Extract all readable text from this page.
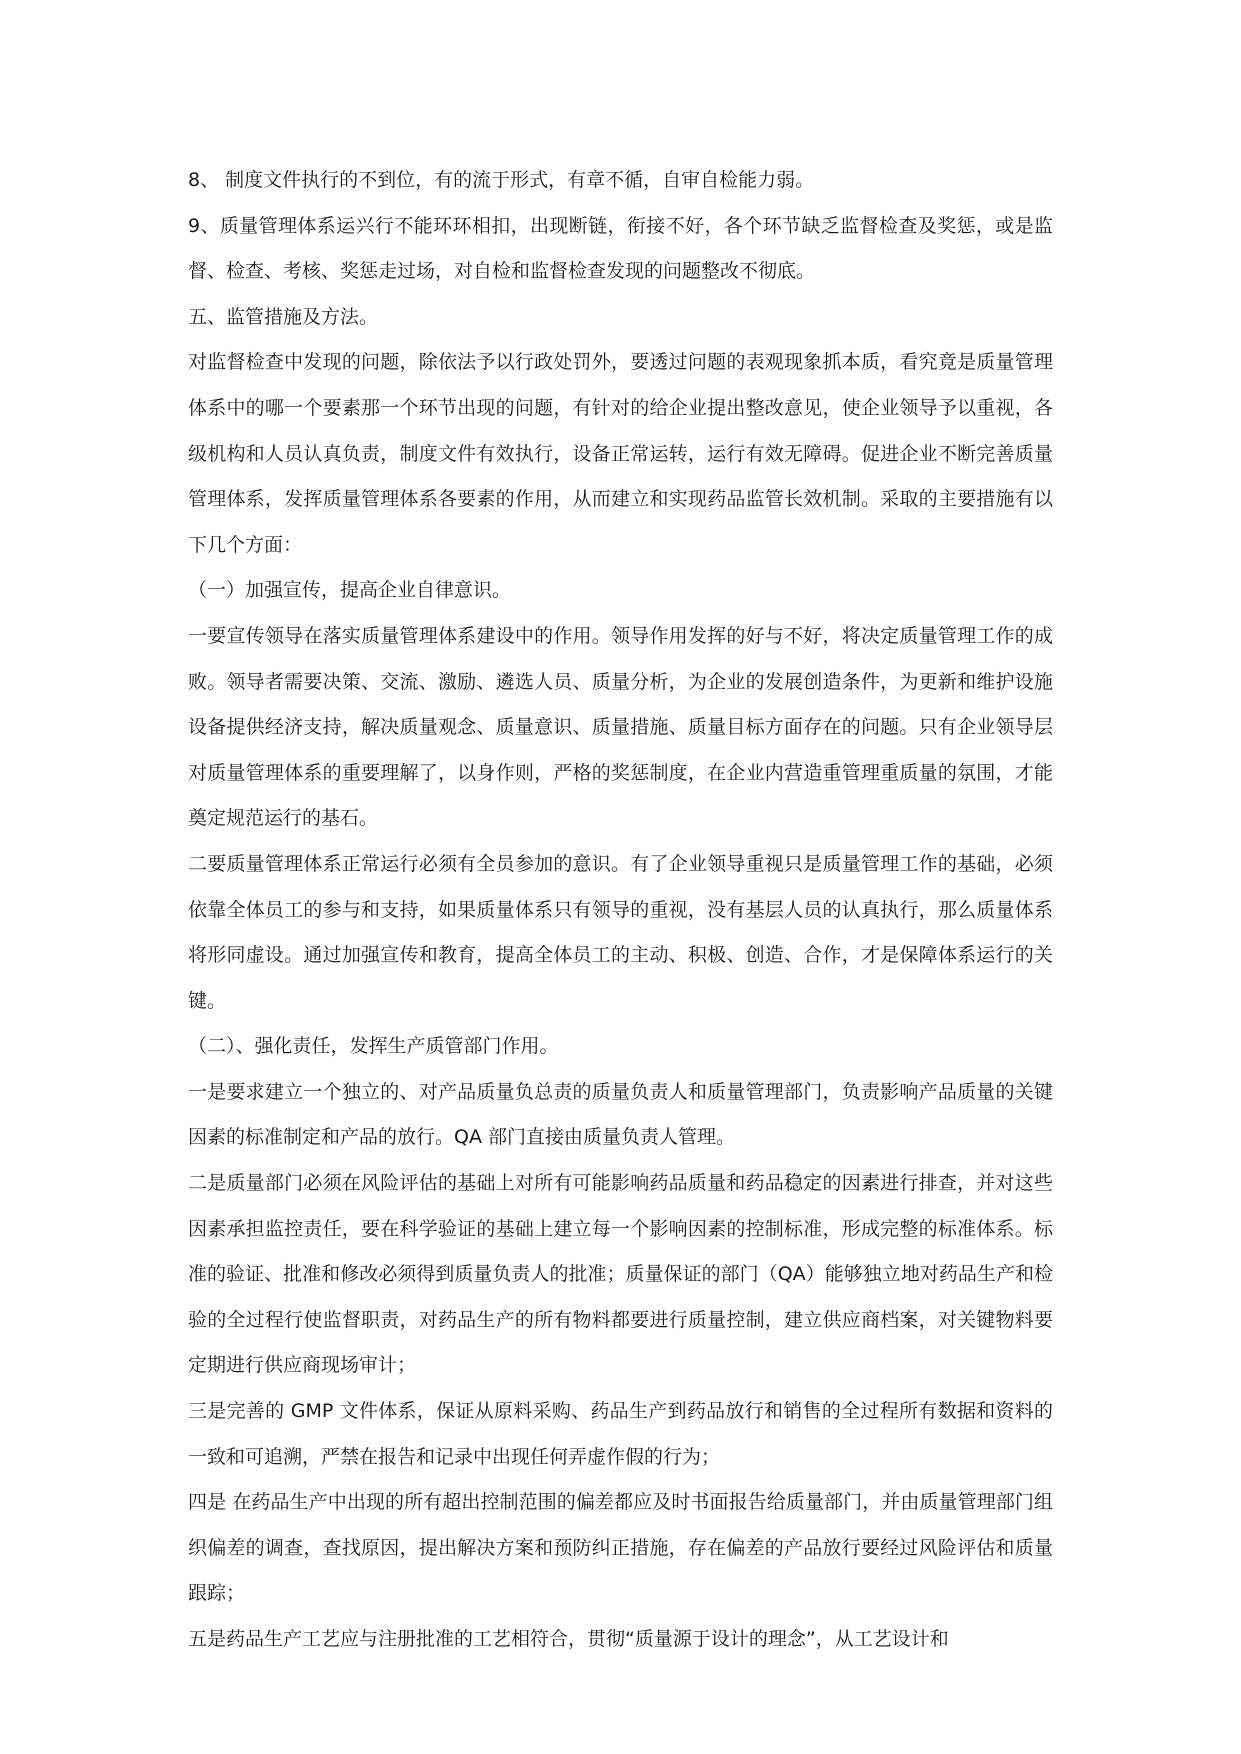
8、 制度文件执行的不到位，有的流于形式，有章不循，自审自检能力弱。

9、质量管理体系运兴行不能环环相扣，出现断链，衔接不好，各个环节缺乏监督检查及奖惩，或是监督、检查、考核、奖惩走过场，对自检和监督检查发现的问题整改不彻底。

五、监管措施及方法。

对监督检查中发现的问题，除依法予以行政处罚外，要透过问题的表观现象抓本质，看究竟是质量管理体系中的哪一个要素那一个环节出现的问题，有针对的给企业提出整改意见，使企业领导予以重视，各级机构和人员认真负责，制度文件有效执行，设备正常运转，运行有效无障碍。促进企业不断完善质量管理体系，发挥质量管理体系各要素的作用，从而建立和实现药品监管长效机制。采取的主要措施有以下几个方面：

（一）加强宣传，提高企业自律意识。

一要宣传领导在落实质量管理体系建设中的作用。领导作用发挥的好与不好，将决定质量管理工作的成败。领导者需要决策、交流、激励、遴选人员、质量分析，为企业的发展创造条件，为更新和维护设施设备提供经济支持，解决质量观念、质量意识、质量措施、质量目标方面存在的问题。只有企业领导层对质量管理体系的重要理解了，以身作则，严格的奖惩制度，在企业内营造重管理重质量的氛围，才能奠定规范运行的基石。

二要质量管理体系正常运行必须有全员参加的意识。有了企业领导重视只是质量管理工作的基础，必须依靠全体员工的参与和支持，如果质量体系只有领导的重视，没有基层人员的认真执行，那么质量体系将形同虚设。通过加强宣传和教育，提高全体员工的主动、积极、创造、合作，才是保障体系运行的关键。

（二）、强化责任，发挥生产质管部门作用。

一是要求建立一个独立的、对产品质量负总责的质量负责人和质量管理部门，负责影响产品质量的关键因素的标准制定和产品的放行。QA 部门直接由质量负责人管理。

二是质量部门必须在风险评估的基础上对所有可能影响药品质量和药品稳定的因素进行排查，并对这些因素承担监控责任，要在科学验证的基础上建立每一个影响因素的控制标准，形成完整的标准体系。标准的验证、批准和修改必须得到质量负责人的批准；质量保证的部门（QA）能够独立地对药品生产和检验的全过程行使监督职责，对药品生产的所有物料都要进行质量控制，建立供应商档案，对关键物料要定期进行供应商现场审计；

三是完善的 GMP 文件体系，保证从原料采购、药品生产到药品放行和销售的全过程所有数据和资料的一致和可追溯，严禁在报告和记录中出现任何弄虚作假的行为；

四是 在药品生产中出现的所有超出控制范围的偏差都应及时书面报告给质量部门，并由质量管理部门组织偏差的调查，查找原因，提出解决方案和预防纠正措施，存在偏差的产品放行要经过风险评估和质量跟踪；

五是药品生产工艺应与注册批准的工艺相符合，贯彻“质量源于设计的理念”，从工艺设计和
